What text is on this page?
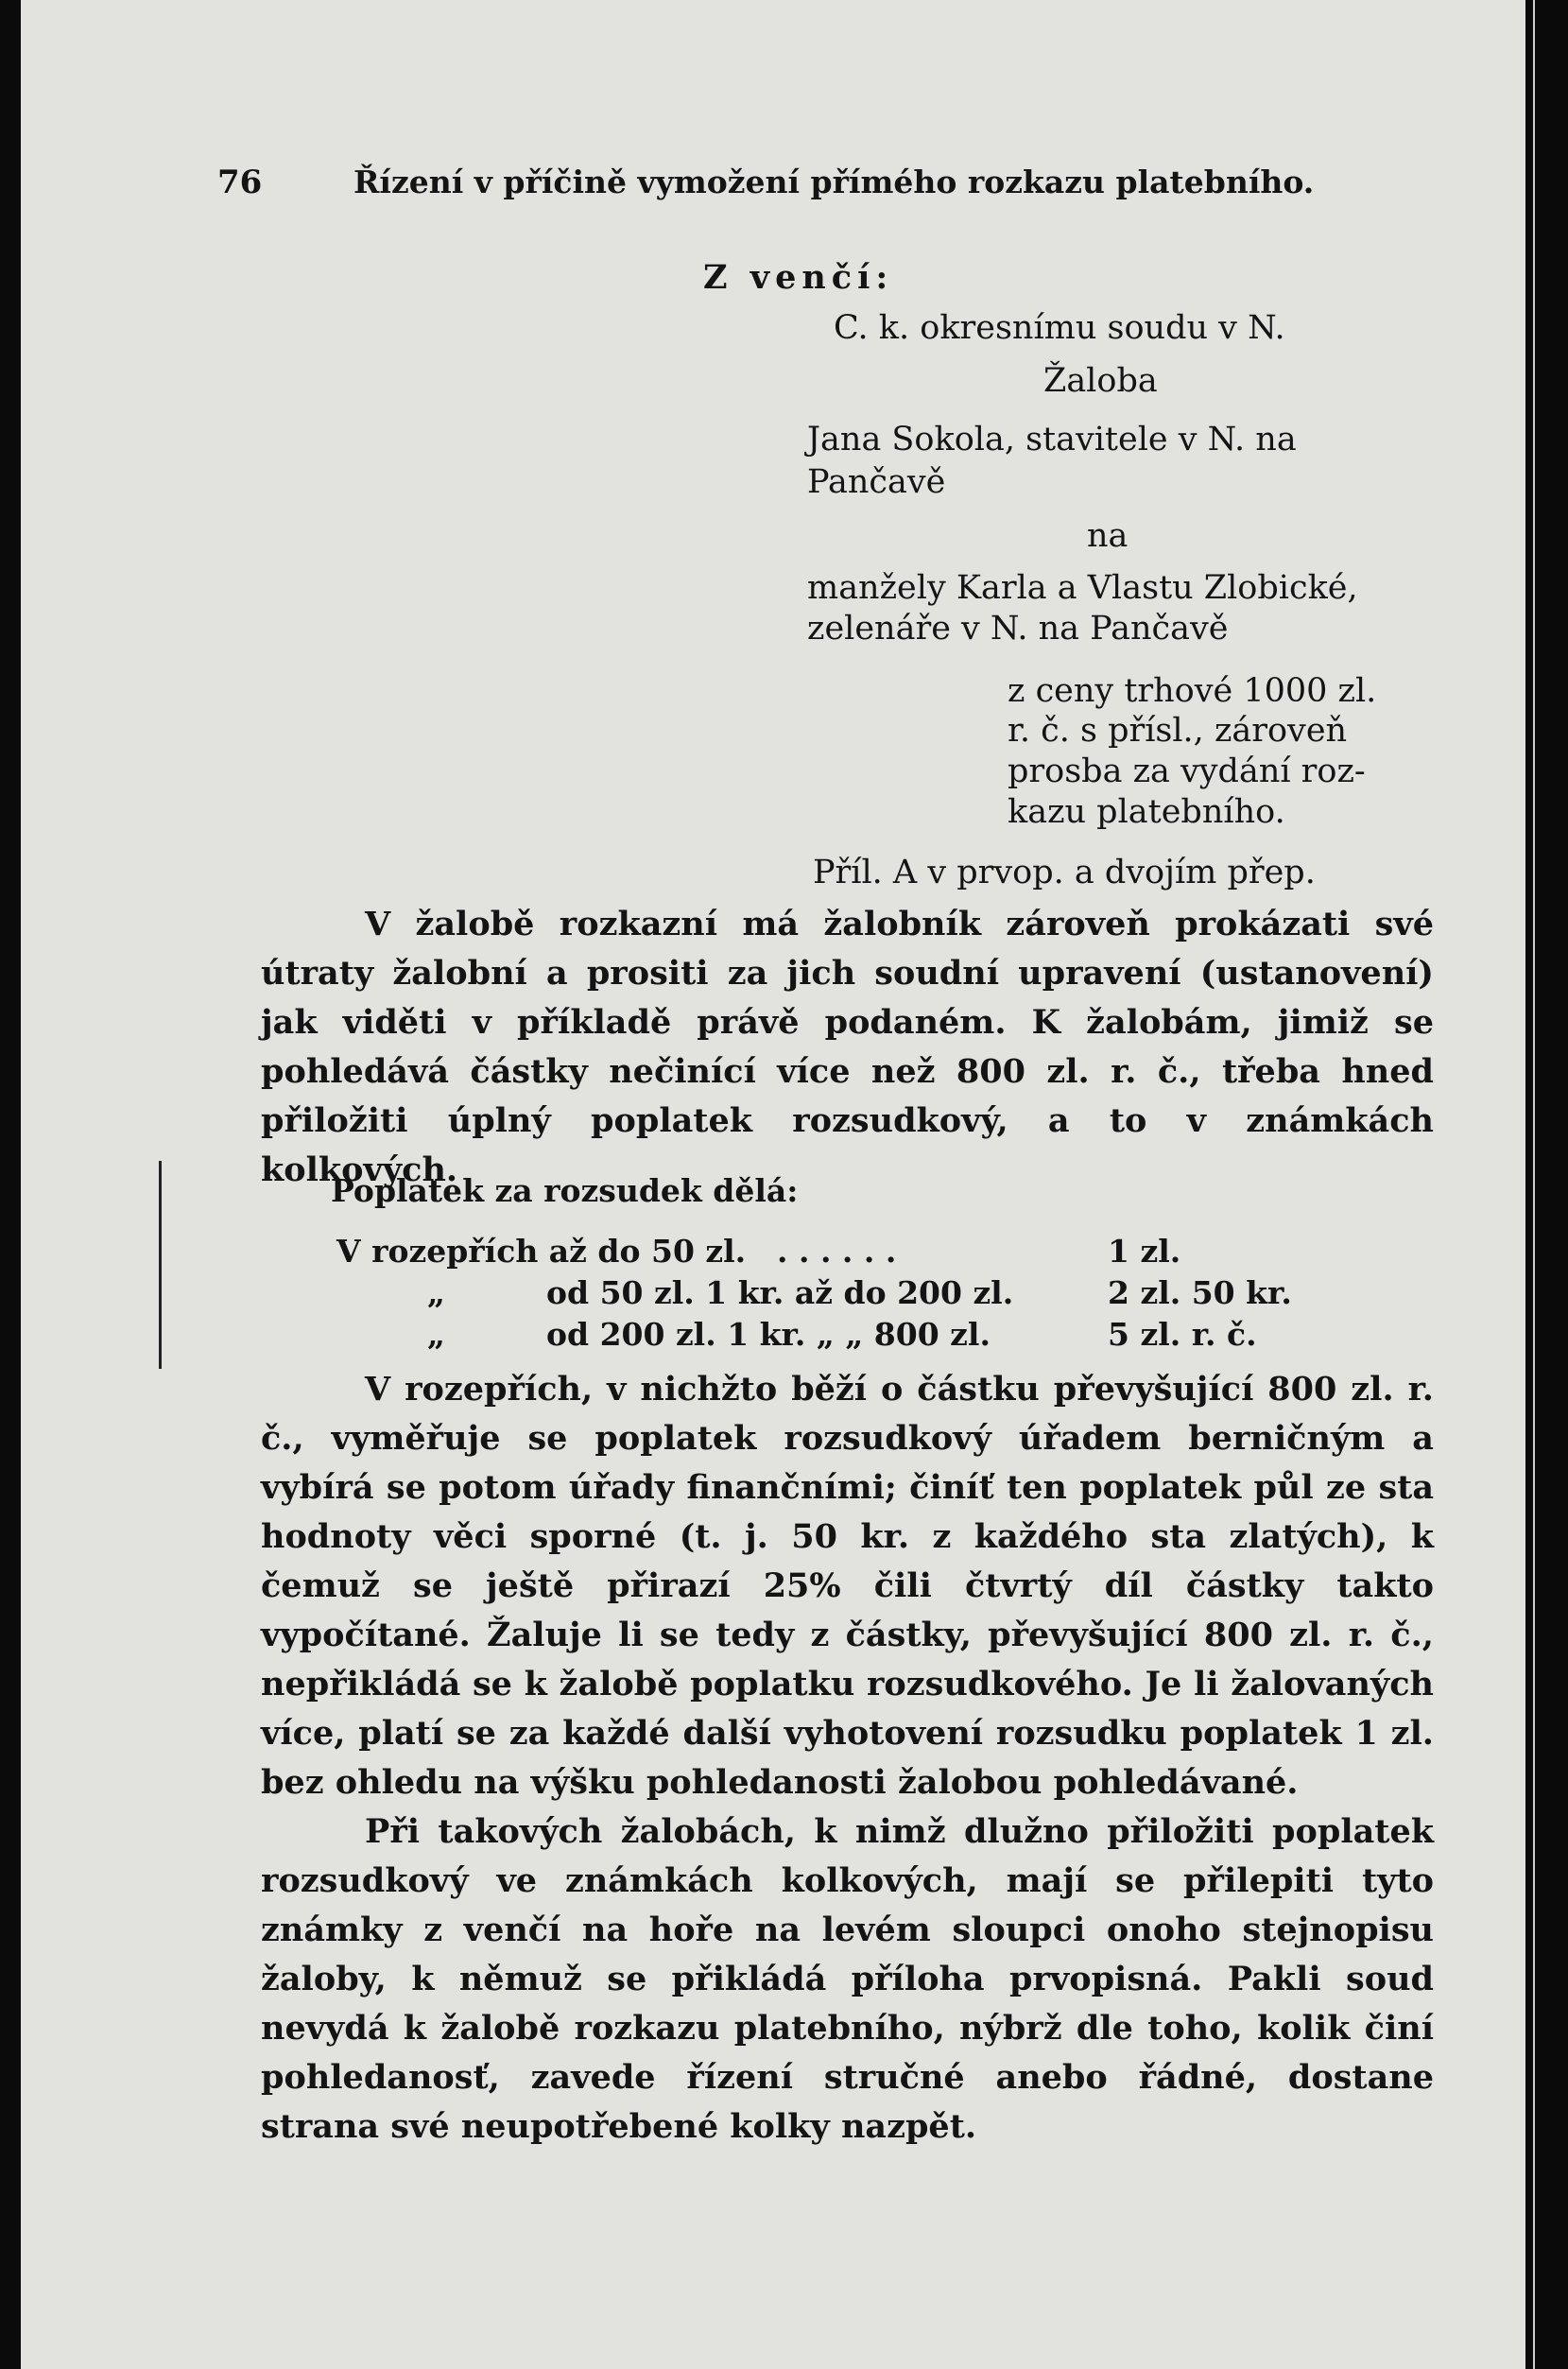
76	Řízení v příčině vymožení přímého rozkazu platebního.
Z venčí:
C. k. okresnímu soudu v N.
Žaloba
Jana Sokola, stavitele v N. na
Pančavě
na
manžely Karla a Vlastu Zlobické,
zelenáře v N. na Pančavě
z ceny trhové 1000 zl.
r. č. s přísl., zároveň
prosba za vydání roz-
kazu platebního.
Příl. A v prvop. a dvojím přep.
V žalobě rozkazní má žalobník zároveň prokázati své útraty žalobní a prositi za jich soudní upravení (ustanovení) jak viděti v příkladě právě podaném. K žalobám, jimiž se pohledává částky nečinící více než 800 zl. r. č., třeba hned přiložiti úplný poplatek rozsudkový, a to v známkách kolkových.
Poplatek za rozsudek dělá:
V rozepřích až do 50 zl. . . . . . .	1 zl.
„	od 50 zl. 1 kr. až do 200 zl.	2 zl. 50 kr.
„	od 200 zl. 1 kr. „ „ 800 zl.	5 zl. r. č.
V rozepřích, v nichžto běží o částku převyšující 800 zl. r. č., vyměřuje se poplatek rozsudkový úřadem berničným a vybírá se potom úřady finančními; činíť ten poplatek půl ze sta hodnoty věci sporné (t. j. 50 kr. z každého sta zlatých), k čemuž se ještě přirazí 25% čili čtvrtý díl částky takto vypočítané. Žaluje li se tedy z částky, převyšující 800 zl. r. č., nepřikládá se k žalobě poplatku rozsudkového. Je li žalovaných více, platí se za každé další vyhotovení rozsudku poplatek 1 zl. bez ohledu na výšku pohledanosti žalobou pohledávané.
Při takových žalobách, k nimž dlužno přiložiti poplatek rozsudkový ve známkách kolkových, mají se přilepiti tyto známky z venčí na hoře na levém sloupci onoho stejnopisu žaloby, k němuž se přikládá příloha prvopisná. Pakli soud nevydá k žalobě rozkazu platebního, nýbrž dle toho, kolik činí pohledanosť, zavede řízení stručné anebo řádné, dostane strana své neupotřebené kolky nazpět.
